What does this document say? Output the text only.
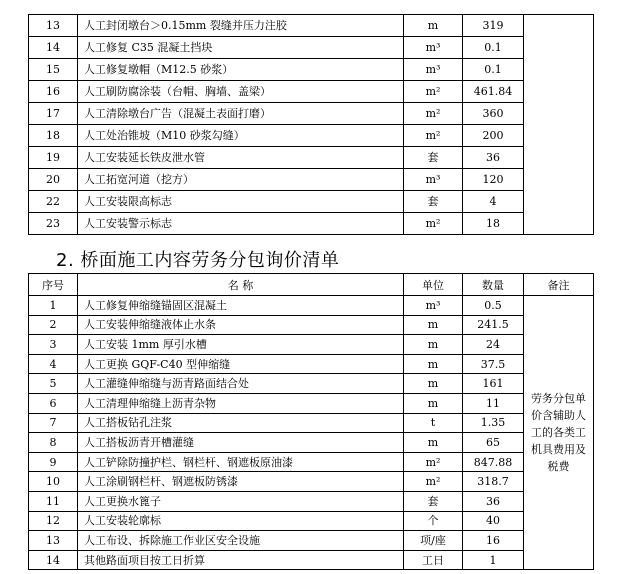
13	人工封闭墩台＞0.15mm 裂缝并压力注胶	m	319	
14	人工修复 C35 混凝土挡块	m³	0.1	
15	人工修复墩帽（M12.5 砂浆）	m³	0.1	
16	人工刷防腐涂装（台帽、胸墙、盖梁）	m²	461.84	
17	人工清除墩台广告（混凝土表面打磨）	m²	360	
18	人工处治锥坡（M10 砂浆勾缝）	m²	200	
19	人工安装延长铁皮泄水管	套	36	
20	人工拓宽河道（挖方）	m³	120	
22	人工安装限高标志	套	4	
23	人工安装警示标志	m²	18	
2. 桥面施工内容劳务分包询价清单
序号	名 称	单位	数量	备注
1	人工修复伸缩缝锚固区混凝土	m³	0.5	劳务分包单价含辅助人工的各类工机具费用及税费
2	人工安装伸缩缝液体止水条	m	241.5	
3	人工安装 1mm 厚引水槽	m	24	
4	人工更换 GQF-C40 型伸缩缝	m	37.5	
5	人工灌缝伸缩缝与沥青路面结合处	m	161	
6	人工清理伸缩缝上沥青杂物	m	11	
7	人工搭板钻孔注浆	t	1.35	
8	人工搭板沥青开槽灌缝	m	65	
9	人工铲除防撞护栏、钢栏杆、钢遮板原油漆	m²	847.88	
10	人工涂刷钢栏杆、钢遮板防锈漆	m²	318.7	
11	人工更换水篦子	套	36	
12	人工安装轮廓标	个	40	
13	人工布设、拆除施工作业区安全设施	项/座	16	
14	其他路面项目按工日折算	工日	1	
